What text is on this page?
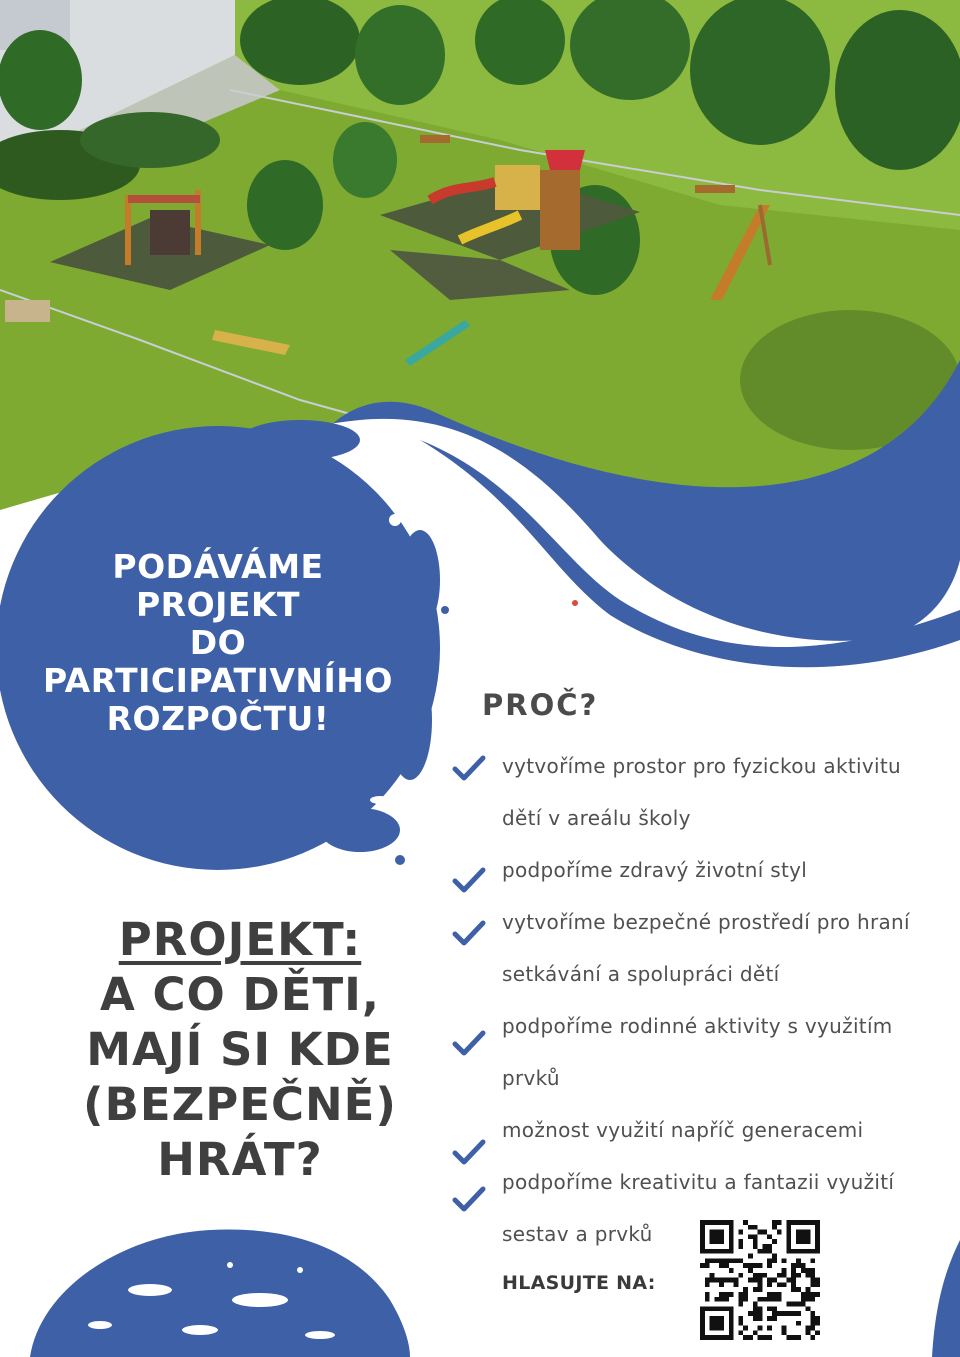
PODÁVÁME
PROJEKT
DO
PARTICIPATIVNÍHO
ROZPOČTU!
PROJEKT:
A CO DĚTI,
MAJÍ SI KDE
(BEZPEČNĚ)
HRÁT?
PROČ?
vytvoříme prostor pro fyzickou aktivitu
dětí v areálu školy
podpoříme zdravý životní styl
vytvoříme bezpečné prostředí pro hraní
setkávání a spolupráci dětí
podpoříme rodinné aktivity s využitím
prvků
možnost využití napříč generacemi
podpoříme kreativitu a fantazii využití
sestav a prvků
HLASUJTE NA:
